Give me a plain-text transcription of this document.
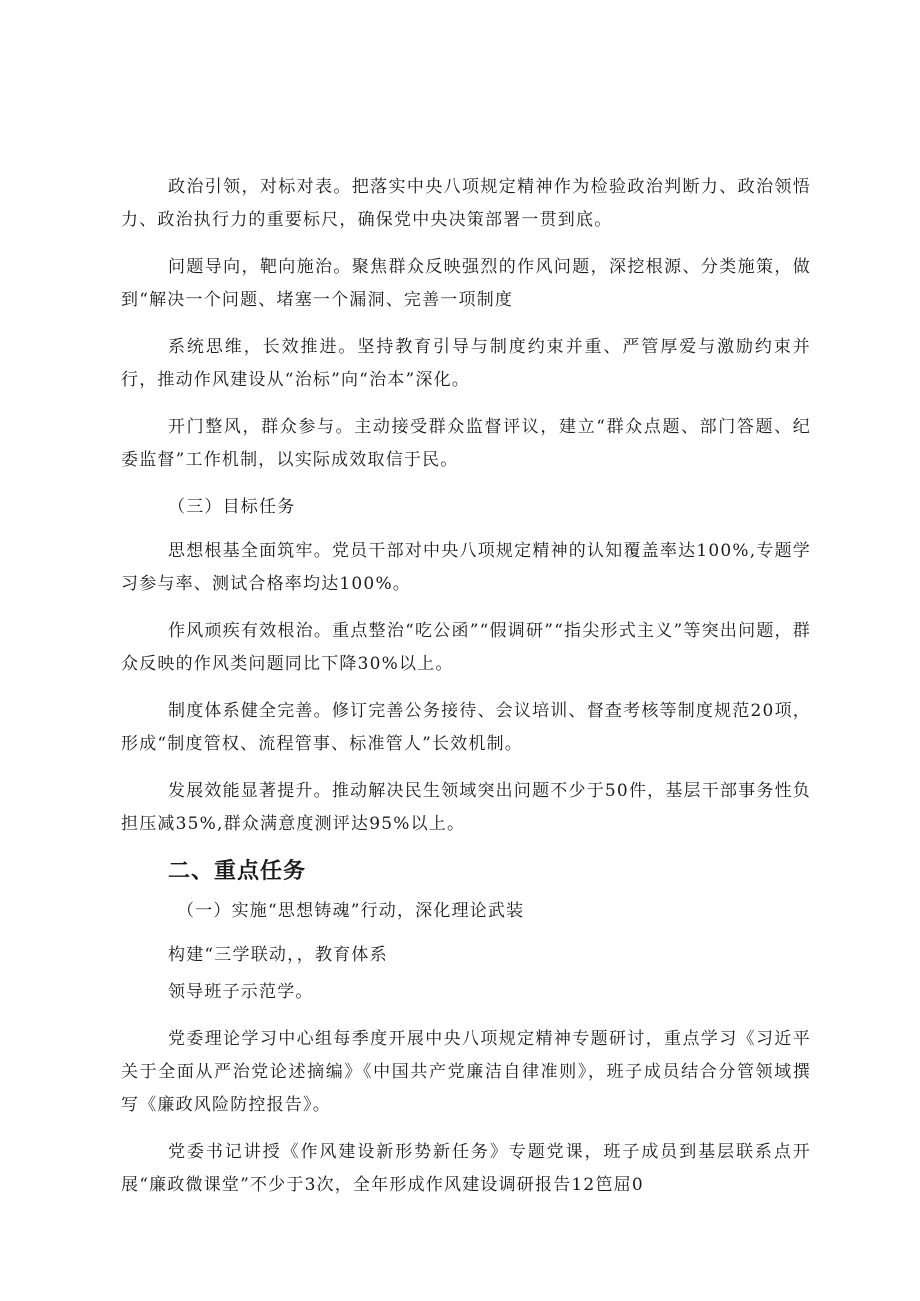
政治引领，对标对表。把落实中央八项规定精神作为检验政治判断力、政治领悟力、政治执行力的重要标尺，确保党中央决策部署一贯到底。

问题导向，靶向施治。聚焦群众反映强烈的作风问题，深挖根源、分类施策，做到“解决一个问题、堵塞一个漏洞、完善一项制度

系统思维，长效推进。坚持教育引导与制度约束并重、严管厚爱与激励约束并行，推动作风建设从“治标”向“治本”深化。

开门整风，群众参与。主动接受群众监督评议，建立“群众点题、部门答题、纪委监督”工作机制，以实际成效取信于民。

（三）目标任务

思想根基全面筑牢。党员干部对中央八项规定精神的认知覆盖率达100%,专题学习参与率、测试合格率均达100%。

作风顽疾有效根治。重点整治“吃公函”“假调研”“指尖形式主义”等突出问题，群众反映的作风类问题同比下降30%以上。

制度体系健全完善。修订完善公务接待、会议培训、督查考核等制度规范20项，形成“制度管权、流程管事、标准管人”长效机制。

发展效能显著提升。推动解决民生领域突出问题不少于50件，基层干部事务性负担压减35%,群众满意度测评达95%以上。

二、重点任务

（一）实施“思想铸魂”行动，深化理论武装

构建“三学联动，，教育体系

领导班子示范学。

党委理论学习中心组每季度开展中央八项规定精神专题研讨，重点学习《习近平关于全面从严治党论述摘编》《中国共产党廉洁自律准则》，班子成员结合分管领域撰写《廉政风险防控报告》。

党委书记讲授《作风建设新形势新任务》专题党课，班子成员到基层联系点开展“廉政微课堂”不少于3次，全年形成作风建设调研报告12笆屈0
